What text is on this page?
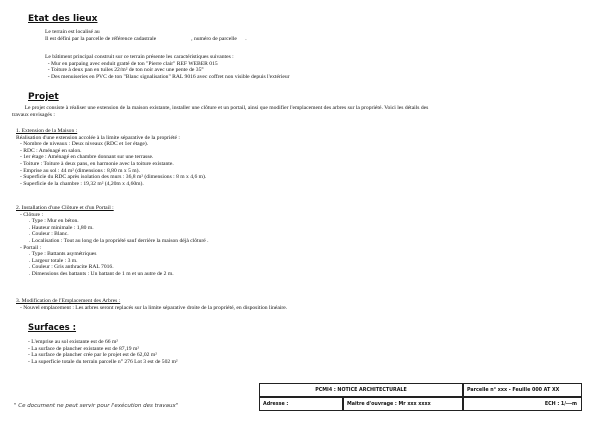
Etat des lieux
Le terrain est localisé au
Il est défini par la parcelle de référence cadastrale                         , numéro de parcelle      .
Le bâtiment principal construit sur ce terrain présente les caractéristiques suivantes :
- Mur en parpaing avec enduit gratté de ton "Pierre clair" REF WEBER 015
- Toiture à deux pan en tuiles 22/m² de ton noir avec une pente de 35°
- Des menuiseries en PVC de ton "Blanc signalisation" RAL 9016 avec coffret non visible depuis l'extérieur
Projet
Le projet consiste à réaliser une extension de la maison existante, installer une clôture et un portail, ainsi que modifier l'emplacement des arbres sur la propriété. Voici les détails des
travaux envisagés :
1. Extension de la Maison :
Réalisation d'une extension accolée à la limite séparative de la propriété :
- Nombre de niveaux : Deux niveaux (RDC et 1er étage).
- RDC : Aménagé en salon.
- 1er étage : Aménagé en chambre donnant sur une terrasse.
- Toiture : Toiture à deux pans, en harmonie avec la toiture existante.
- Emprise au sol : 44 m² (dimensions : 8,80 m x 5 m).
- Superficie du RDC après isolation des murs : 36,8 m² (dimensions : 8 m x 4,6 m).
- Superficie de la chambre : 19,32 m² (4,20m x 4,60m).
2. Installation d'une Clôture et d'un Portail :
- Clôture :
. Type : Mur en béton.
. Hauteur minimale : 1,80 m.
. Couleur : Blanc.
. Localisation : Tout au long de la propriété sauf derrière la maison déjà clôturé .
- Portail :
. Type : Battants asymétriques
. Largeur totale : 3 m.
. Couleur : Gris anthracite RAL 7016.
. Dimensions des battants : Un battant de 1 m et un autre de 2 m.
3. Modification de l'Emplacement des Arbres :
- Nouvel emplacement : Les arbres seront replacés sur la limite séparative droite de la propriété, en disposition linéaire.
Surfaces :
- L'emprise au sol existante est de 66 m²
- La surface de plancher existante est de 87,19 m²
- La surface de plancher crée par le projet est de 62,02 m²
- La superficie totale du terrain parcelle n° 276 Lot 3 est de 502 m²
" Ce document ne peut servir pour l'exécution des travaux"
PCMI4 : NOTICE ARCHITECTURALE	Parcelle n° xxx - Feuille 000 AT XX
Adresse :	Maitre d'ouvrage : Mr xxx xxxx	ECH : 1/---m
